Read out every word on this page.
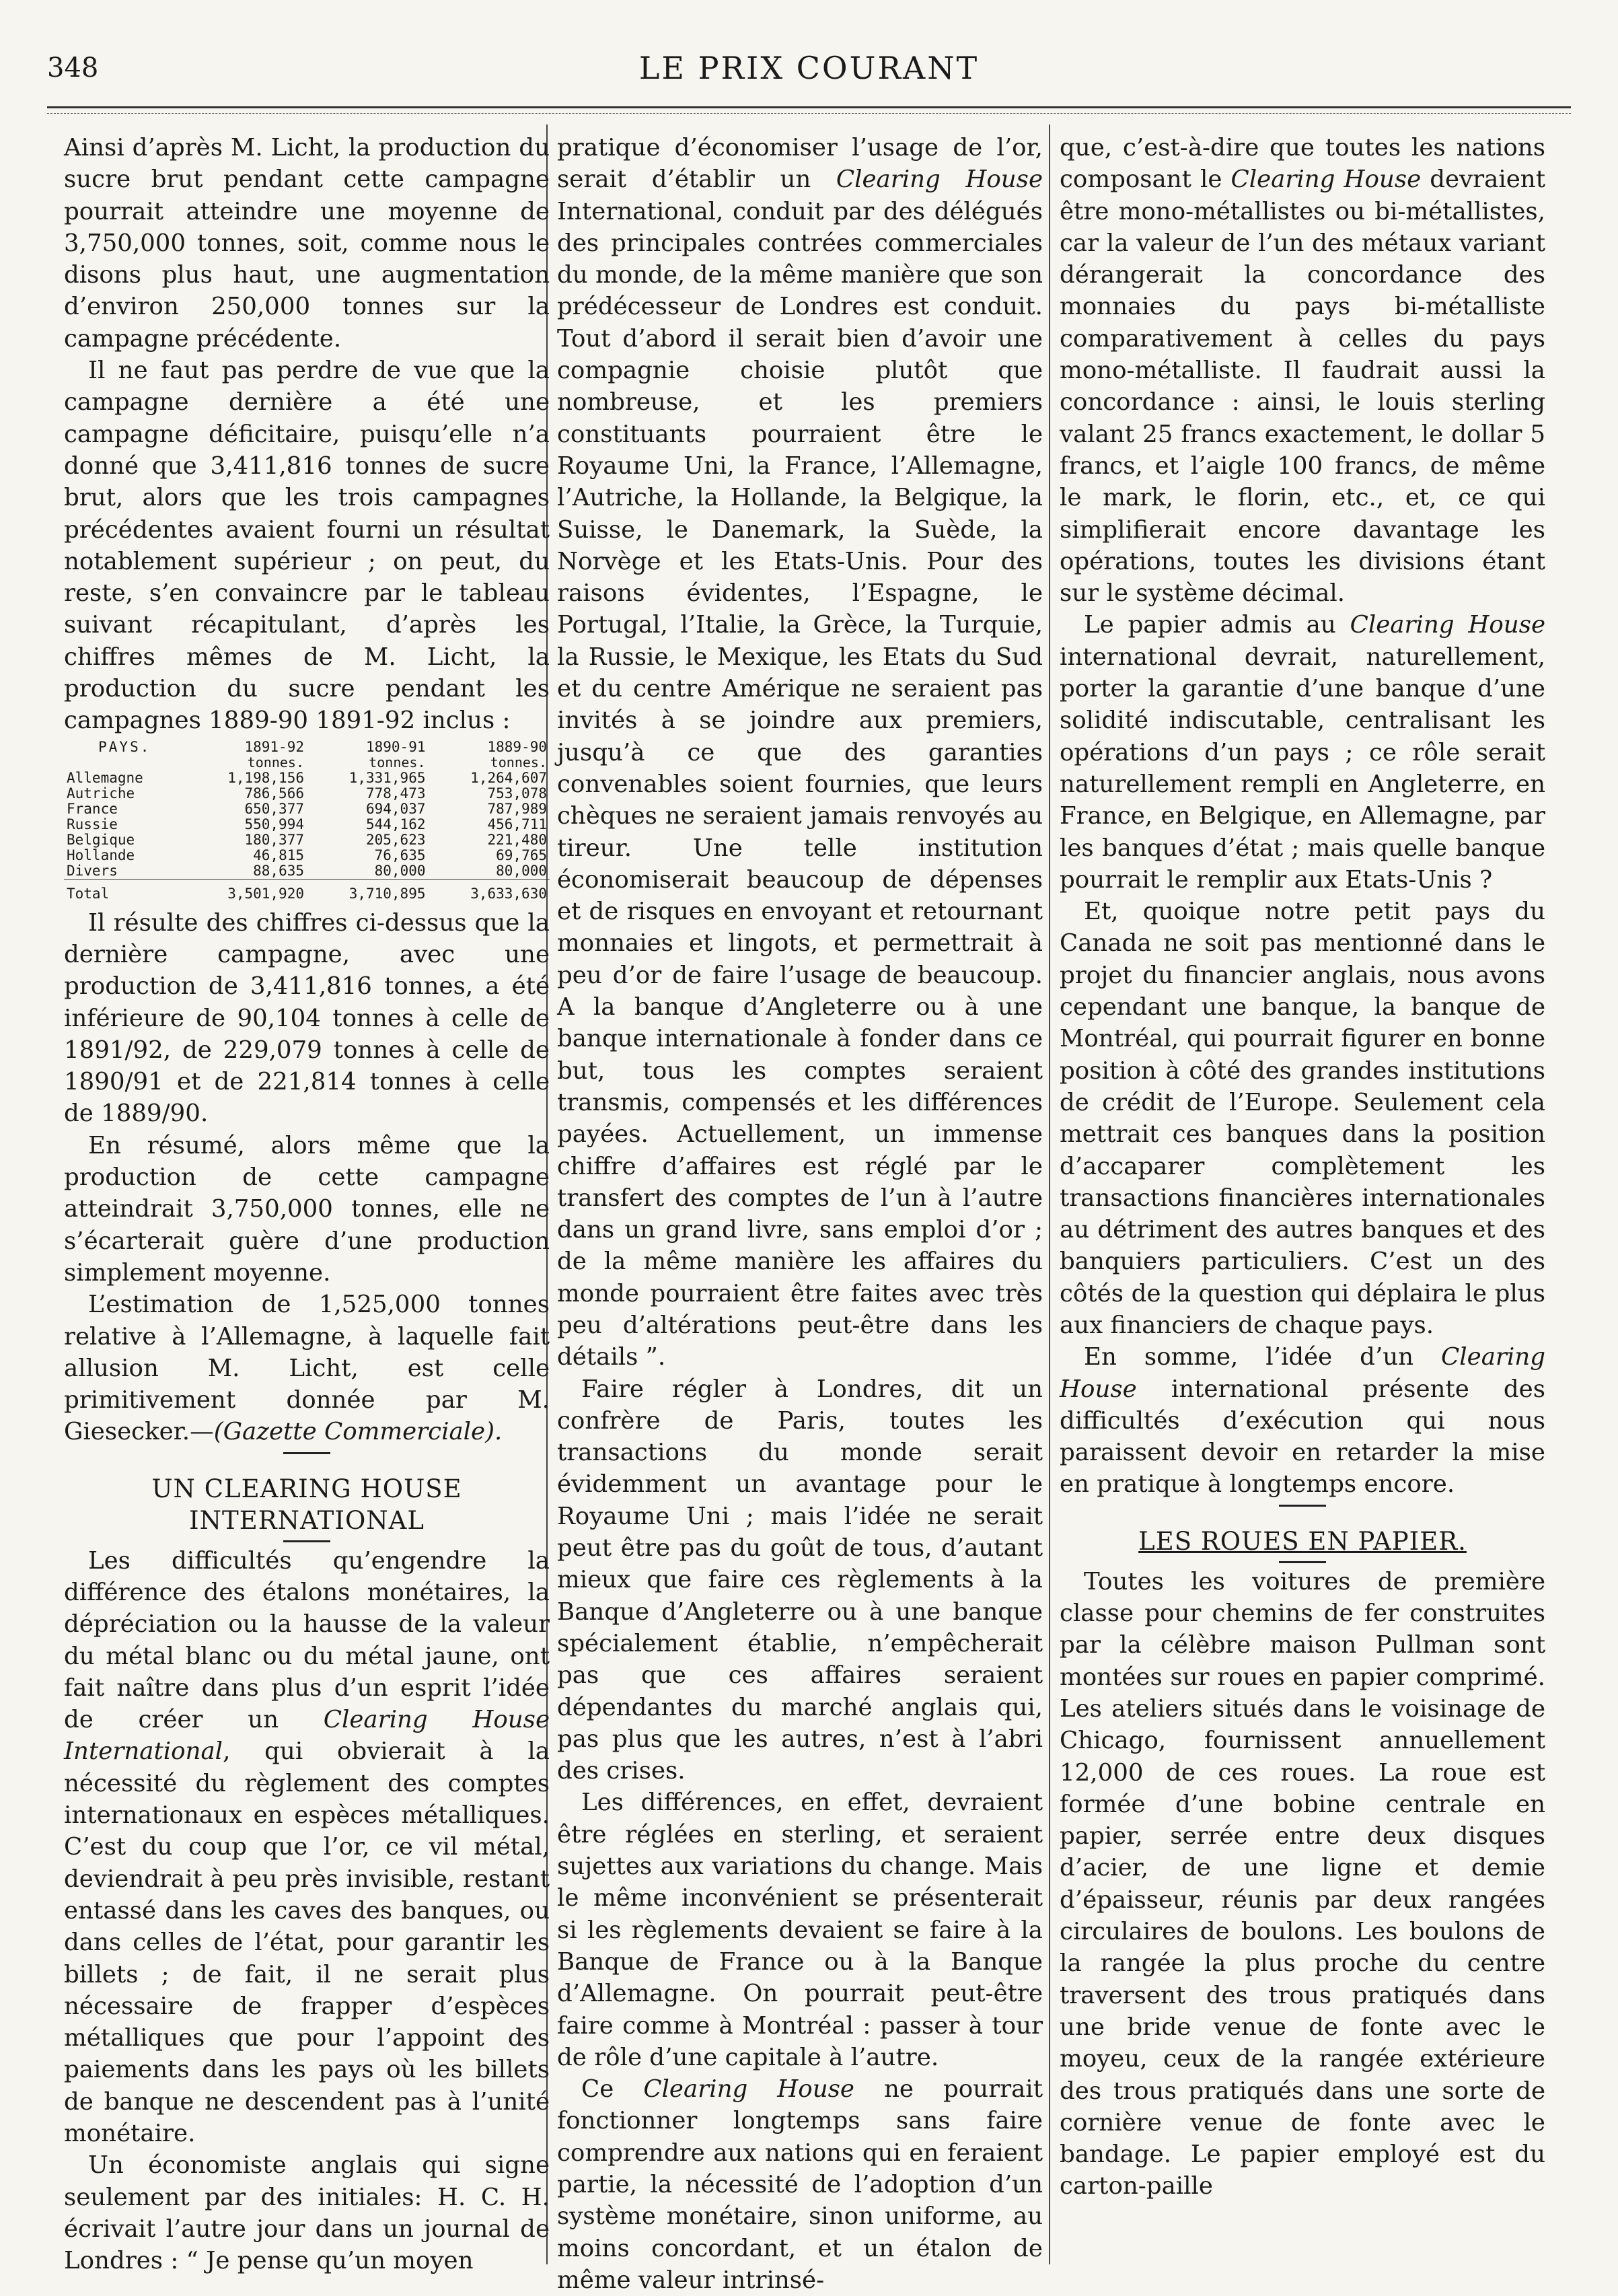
348	LE PRIX COURANT

Ainsi d’après M. Licht, la production du sucre brut pendant cette campagne pourrait atteindre une moyenne de 3,750,000 tonnes, soit, comme nous le disons plus haut, une augmentation d’environ 250,000 tonnes sur la campagne précédente.

Il ne faut pas perdre de vue que la campagne dernière a été une campagne déficitaire, puisqu’elle n’a donné que 3,411,816 tonnes de sucre brut, alors que les trois campagnes précédentes avaient fourni un résultat notablement supérieur ; on peut, du reste, s’en convaincre par le tableau suivant récapitulant, d’après les chiffres mêmes de M. Licht, la production du sucre pendant les campagnes 1889-90 1891-92 inclus :

PAYS.	1891-92	1890-91	1889-90
	tonnes.	tonnes.	tonnes.
Allemagne	1,198,156	1,331,965	1,264,607
Autriche	786,566	778,473	753,078
France	650,377	694,037	787,989
Russie	550,994	544,162	456,711
Belgique	180,377	205,623	221,480
Hollande	46,815	76,635	69,765
Divers	88,635	80,000	80,000

Total	3,501,920	3,710,895	3,633,630

Il résulte des chiffres ci-dessus que la dernière campagne, avec une production de 3,411,816 tonnes, a été inférieure de 90,104 tonnes à celle de 1891/92, de 229,079 tonnes à celle de 1890/91 et de 221,814 tonnes à celle de 1889/90.

En résumé, alors même que la production de cette campagne atteindrait 3,750,000 tonnes, elle ne s’écarterait guère d’une production simplement moyenne.

L’estimation de 1,525,000 tonnes relative à l’Allemagne, à laquelle fait allusion M. Licht, est celle primitivement donnée par M. Giesecker.—(Gazette Commerciale).

UN CLEARING HOUSE INTERNATIONAL

Les difficultés qu’engendre la différence des étalons monétaires, la dépréciation ou la hausse de la valeur du métal blanc ou du métal jaune, ont fait naître dans plus d’un esprit l’idée de créer un Clearing House International, qui obvierait à la nécessité du règlement des comptes internationaux en espèces métalliques. C’est du coup que l’or, ce vil métal, deviendrait à peu près invisible, restant entassé dans les caves des banques, ou dans celles de l’état, pour garantir les billets ; de fait, il ne serait plus nécessaire de frapper d’espèces métalliques que pour l’appoint des paiements dans les pays où les billets de banque ne descendent pas à l’unité monétaire.

Un économiste anglais qui signe seulement par des initiales: H. C. H. écrivait l’autre jour dans un journal de Londres : “ Je pense qu’un moyen

pratique d’économiser l’usage de l’or, serait d’établir un Clearing House International, conduit par des délégués des principales contrées commerciales du monde, de la même manière que son prédécesseur de Londres est conduit. Tout d’abord il serait bien d’avoir une compagnie choisie plutôt que nombreuse, et les premiers constituants pourraient être le Royaume Uni, la France, l’Allemagne, l’Autriche, la Hollande, la Belgique, la Suisse, le Danemark, la Suède, la Norvège et les Etats-Unis. Pour des raisons évidentes, l’Espagne, le Portugal, l’Italie, la Grèce, la Turquie, la Russie, le Mexique, les Etats du Sud et du centre Amérique ne seraient pas invités à se joindre aux premiers, jusqu’à ce que des garanties convenables soient fournies, que leurs chèques ne seraient jamais renvoyés au tireur. Une telle institution économiserait beaucoup de dépenses et de risques en envoyant et retournant monnaies et lingots, et permettrait à peu d’or de faire l’usage de beaucoup. A la banque d’Angleterre ou à une banque internationale à fonder dans ce but, tous les comptes seraient transmis, compensés et les différences payées. Actuellement, un immense chiffre d’affaires est réglé par le transfert des comptes de l’un à l’autre dans un grand livre, sans emploi d’or ; de la même manière les affaires du monde pourraient être faites avec très peu d’altérations peut-être dans les détails ”.

Faire régler à Londres, dit un confrère de Paris, toutes les transactions du monde serait évidemment un avantage pour le Royaume Uni ; mais l’idée ne serait peut être pas du goût de tous, d’autant mieux que faire ces règlements à la Banque d’Angleterre ou à une banque spécialement établie, n’empêcherait pas que ces affaires seraient dépendantes du marché anglais qui, pas plus que les autres, n’est à l’abri des crises.

Les différences, en effet, devraient être réglées en sterling, et seraient sujettes aux variations du change. Mais le même inconvénient se présenterait si les règlements devaient se faire à la Banque de France ou à la Banque d’Allemagne. On pourrait peut-être faire comme à Montréal : passer à tour de rôle d’une capitale à l’autre.

Ce Clearing House ne pourrait fonctionner longtemps sans faire comprendre aux nations qui en feraient partie, la nécessité de l’adoption d’un système monétaire, sinon uniforme, au moins concordant, et un étalon de même valeur intrinsé-

que, c’est-à-dire que toutes les nations composant le Clearing House devraient être mono-métallistes ou bi-métallistes, car la valeur de l’un des métaux variant dérangerait la concordance des monnaies du pays bi-métalliste comparativement à celles du pays mono-métalliste. Il faudrait aussi la concordance : ainsi, le louis sterling valant 25 francs exactement, le dollar 5 francs, et l’aigle 100 francs, de même le mark, le florin, etc., et, ce qui simplifierait encore davantage les opérations, toutes les divisions étant sur le système décimal.

Le papier admis au Clearing House international devrait, naturellement, porter la garantie d’une banque d’une solidité indiscutable, centralisant les opérations d’un pays ; ce rôle serait naturellement rempli en Angleterre, en France, en Belgique, en Allemagne, par les banques d’état ; mais quelle banque pourrait le remplir aux Etats-Unis ?

Et, quoique notre petit pays du Canada ne soit pas mentionné dans le projet du financier anglais, nous avons cependant une banque, la banque de Montréal, qui pourrait figurer en bonne position à côté des grandes institutions de crédit de l’Europe. Seulement cela mettrait ces banques dans la position d’accaparer complètement les transactions financières internationales au détriment des autres banques et des banquiers particuliers. C’est un des côtés de la question qui déplaira le plus aux financiers de chaque pays.

En somme, l’idée d’un Clearing House international présente des difficultés d’exécution qui nous paraissent devoir en retarder la mise en pratique à longtemps encore.

LES ROUES EN PAPIER.

Toutes les voitures de première classe pour chemins de fer construites par la célèbre maison Pullman sont montées sur roues en papier comprimé. Les ateliers situés dans le voisinage de Chicago, fournissent annuellement 12,000 de ces roues. La roue est formée d’une bobine centrale en papier, serrée entre deux disques d’acier, de une ligne et demie d’épaisseur, réunis par deux rangées circulaires de boulons. Les boulons de la rangée la plus proche du centre traversent des trous pratiqués dans une bride venue de fonte avec le moyeu, ceux de la rangée extérieure des trous pratiqués dans une sorte de cornière venue de fonte avec le bandage. Le papier employé est du carton-paille
